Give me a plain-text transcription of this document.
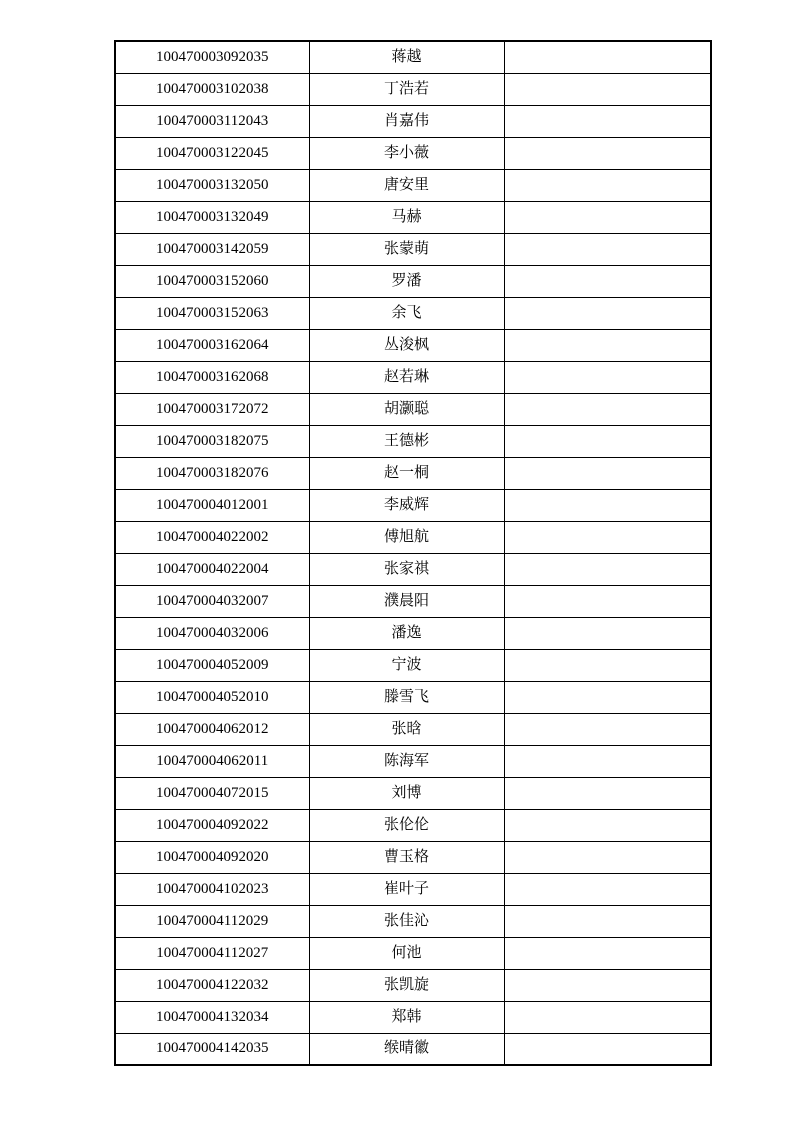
100470003092035	蒋越	
100470003102038	丁浩若	
100470003112043	肖嘉伟	
100470003122045	李小薇	
100470003132050	唐安里	
100470003132049	马赫	
100470003142059	张蒙萌	
100470003152060	罗潘	
100470003152063	余飞	
100470003162064	丛浚枫	
100470003162068	赵若琳	
100470003172072	胡灏聪	
100470003182075	王德彬	
100470003182076	赵一桐	
100470004012001	李威辉	
100470004022002	傅旭航	
100470004022004	张家祺	
100470004032007	濮晨阳	
100470004032006	潘逸	
100470004052009	宁波	
100470004052010	滕雪飞	
100470004062012	张晗	
100470004062011	陈海军	
100470004072015	刘博	
100470004092022	张伦伦	
100470004092020	曹玉格	
100470004102023	崔叶子	
100470004112029	张佳沁	
100470004112027	何池	
100470004122032	张凯旋	
100470004132034	郑韩	
100470004142035	缑晴徽	
